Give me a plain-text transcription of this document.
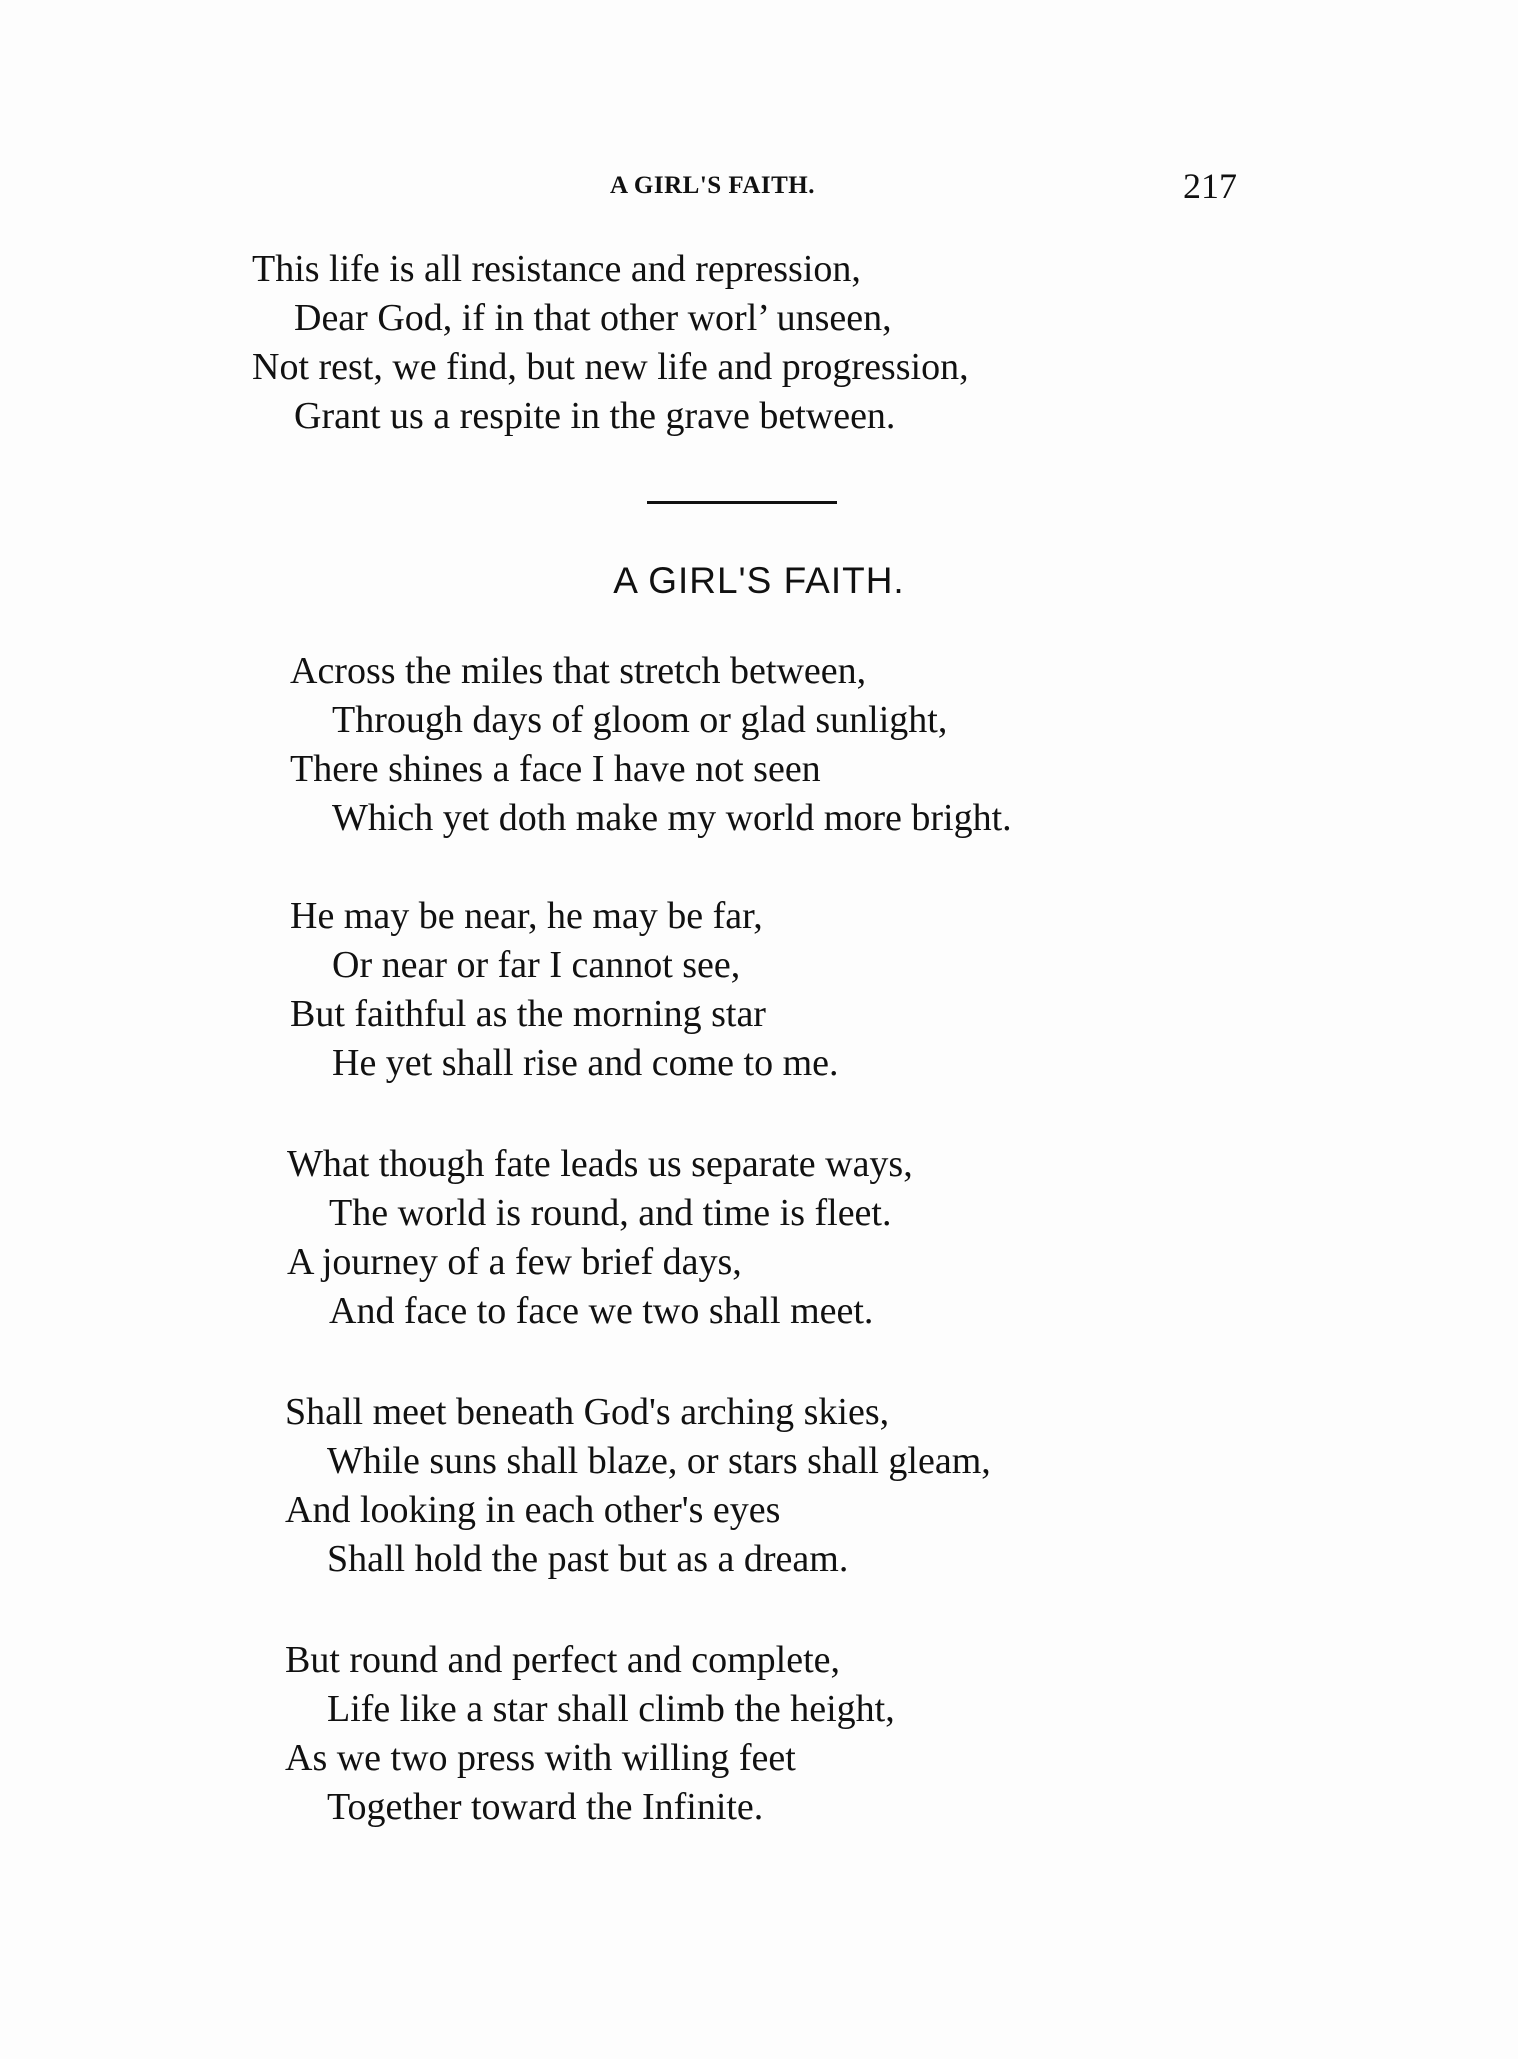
A GIRL'S FAITH.	217
This life is all resistance and repression,
Dear God, if in that other worl’ unseen,
Not rest, we find, but new life and progression,
Grant us a respite in the grave between.
A GIRL'S FAITH.
Across the miles that stretch between,
Through days of gloom or glad sunlight,
There shines a face I have not seen
Which yet doth make my world more bright.
He may be near, he may be far,
Or near or far I cannot see,
But faithful as the morning star
He yet shall rise and come to me.
What though fate leads us separate ways,
The world is round, and time is fleet.
A journey of a few brief days,
And face to face we two shall meet.
Shall meet beneath God's arching skies,
While suns shall blaze, or stars shall gleam,
And looking in each other's eyes
Shall hold the past but as a dream.
But round and perfect and complete,
Life like a star shall climb the height,
As we two press with willing feet
Together toward the Infinite.
